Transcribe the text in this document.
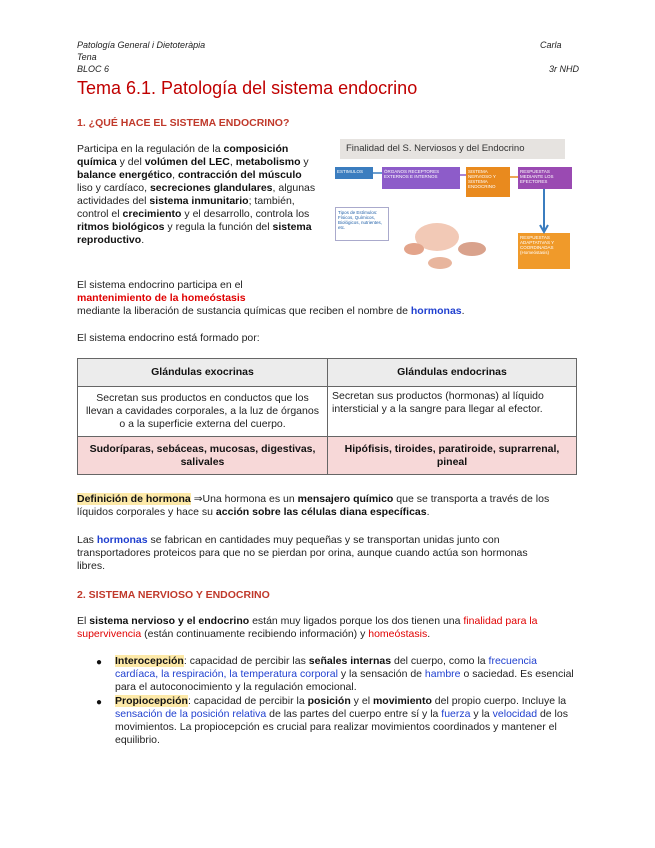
Patología General i Dietoteràpia	Carla
Tena
BLOC 6	3r NHD
Tema 6.1. Patología del sistema endocrino
1. ¿QUÉ HACE EL SISTEMA ENDOCRINO?
Participa en la regulación de la composición química y del volúmen del LEC, metabolismo y balance energético, contracción del músculo liso y cardíaco, secreciones glandulares, algunas actividades del sistema inmunitario; también, control el crecimiento y el desarrollo, controla los ritmos biológicos y regula la función del sistema reproductivo.
Finalidad del S. Nerviosos y del Endocrino
ESTIMULOS	ÓRGANOS RECEPTORES EXTERNOS E INTERNOS
SISTEMA NERVIOSO Y SISTEMA ENDOCRINO
RESPUESTAS MEDIANTE LOS EFECTORES
Tipos de Estímulos: Físicos, Químicos, Biológicos, nutrientes, etc.
RESPUESTAS ADAPTATIVAS Y COORDINADAS (Homeóstasis)
El sistema endocrino participa en el
mantenimiento de la homeóstasis
mediante la liberación de sustancia químicas que reciben el nombre de hormonas.
El sistema endocrino está formado por:
Glándulas exocrinas	Glándulas endocrinas
Secretan sus productos en conductos que los llevan a cavidades corporales, a la luz de órganos o a la superficie externa del cuerpo.	Secretan sus productos (hormonas) al líquido intersticial y a la sangre para llegar al efector.
Sudoríparas, sebáceas, mucosas, digestivas, salivales	Hipófisis, tiroides, paratiroide, suprarrenal, pineal
Definición de hormona ⇒Una hormona es un mensajero químico que se transporta a través de los líquidos corporales y hace su acción sobre las células diana específicas.
Las hormonas se fabrican en cantidades muy pequeñas y se transportan unidas junto con transportadores proteicos para que no se pierdan por orina, aunque cuando actúa son hormonas libres.
2. SISTEMA NERVIOSO Y ENDOCRINO
El sistema nervioso y el endocrino están muy ligados porque los dos tienen una finalidad para la supervivencia (están continuamente recibiendo información) y homeóstasis.
● Interocepción: capacidad de percibir las señales internas del cuerpo, como la frecuencia cardíaca, la respiración, la temperatura corporal y la sensación de hambre o saciedad. Es esencial para el autoconocimiento y la regulación emocional.
● Propiocepción: capacidad de percibir la posición y el movimiento del propio cuerpo. Incluye la sensación de la posición relativa de las partes del cuerpo entre sí y la fuerza y la velocidad de los movimientos. La propiocepción es crucial para realizar movimientos coordinados y mantener el equilibrio.
